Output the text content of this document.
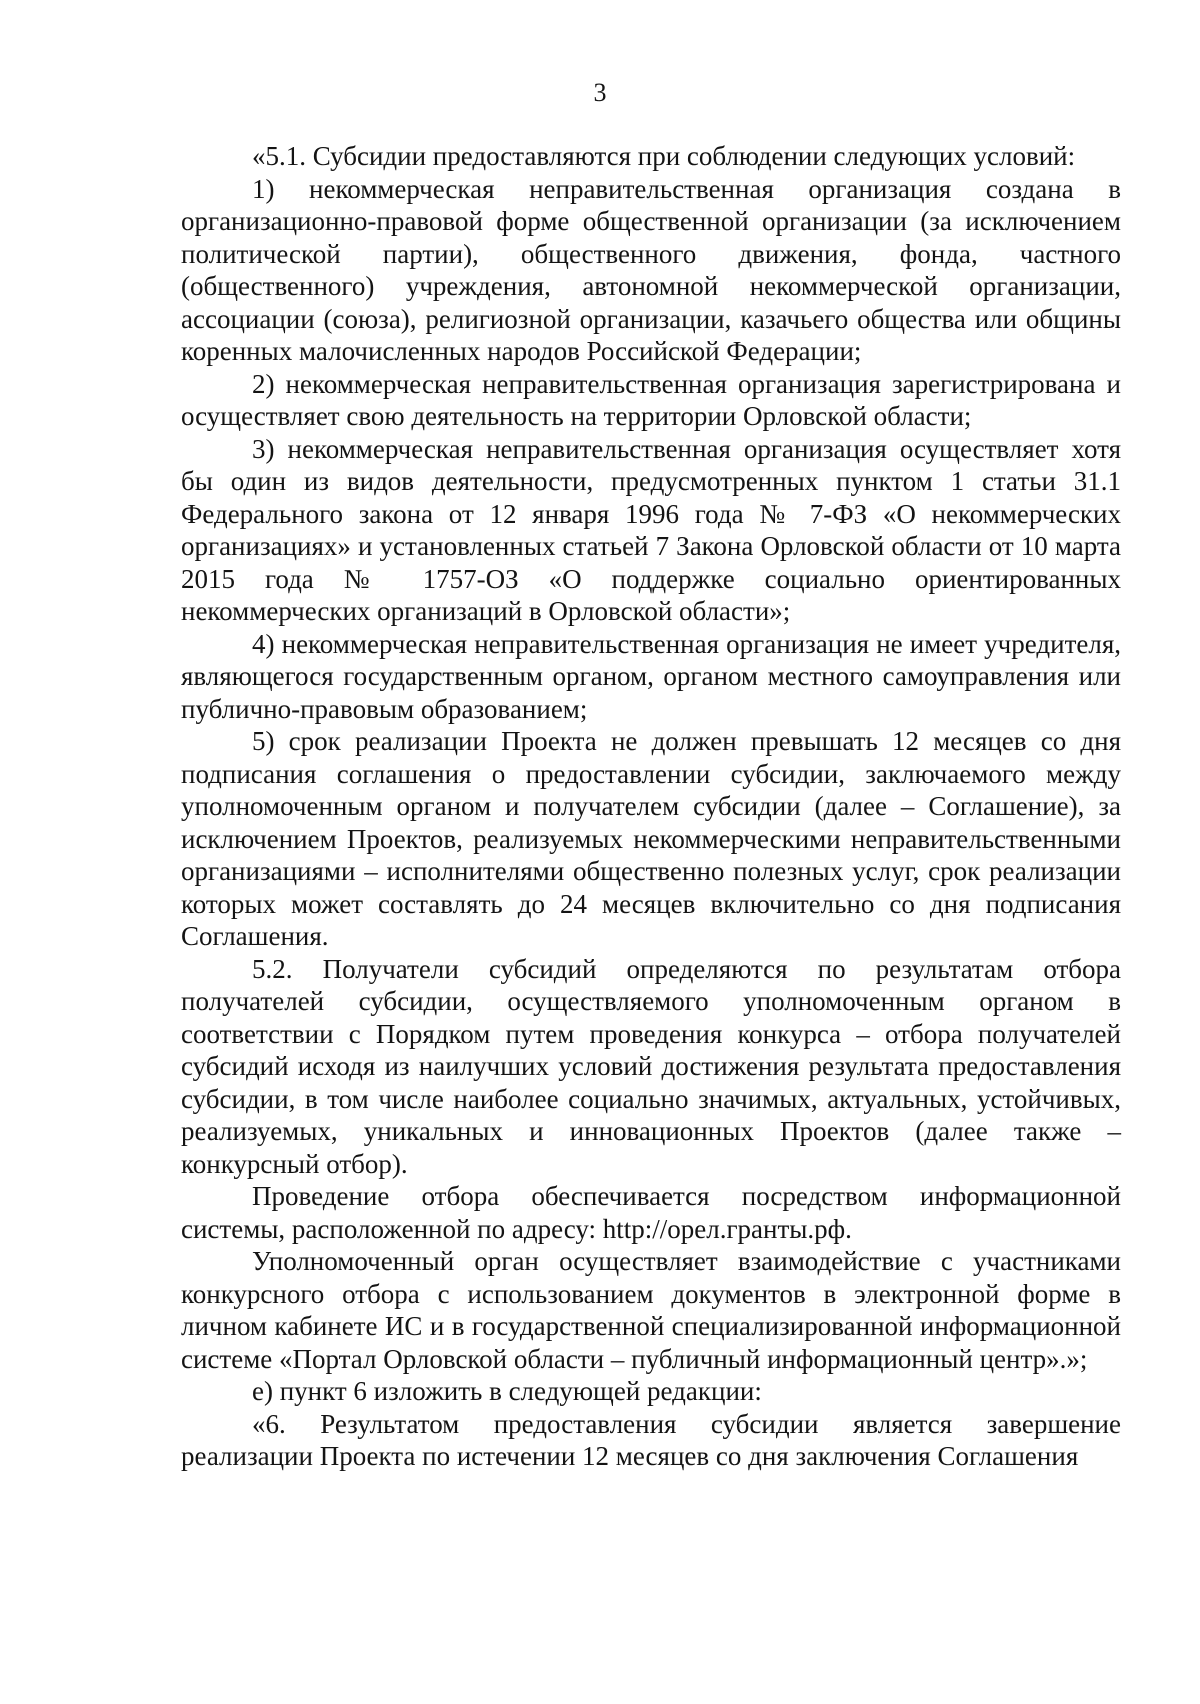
3

«5.1. Субсидии предоставляются при соблюдении следующих условий:

1) некоммерческая неправительственная организация создана в организационно-правовой форме общественной организации (за исключением политической партии), общественного движения, фонда, частного (общественного) учреждения, автономной некоммерческой организации, ассоциации (союза), религиозной организации, казачьего общества или общины коренных малочисленных народов Российской Федерации;

2) некоммерческая неправительственная организация зарегистрирована и осуществляет свою деятельность на территории Орловской области;

3) некоммерческая неправительственная организация осуществляет хотя бы один из видов деятельности, предусмотренных пунктом 1 статьи 31.1 Федерального закона от 12 января 1996 года № 7-ФЗ «О некоммерческих организациях» и установленных статьей 7 Закона Орловской области от 10 марта 2015 года № 1757-ОЗ «О поддержке социально ориентированных некоммерческих организаций в Орловской области»;

4) некоммерческая неправительственная организация не имеет учредителя, являющегося государственным органом, органом местного самоуправления или публично-правовым образованием;

5) срок реализации Проекта не должен превышать 12 месяцев со дня подписания соглашения о предоставлении субсидии, заключаемого между уполномоченным органом и получателем субсидии (далее – Соглашение), за исключением Проектов, реализуемых некоммерческими неправительственными организациями – исполнителями общественно полезных услуг, срок реализации которых может составлять до 24 месяцев включительно со дня подписания Соглашения.

5.2. Получатели субсидий определяются по результатам отбора получателей субсидии, осуществляемого уполномоченным органом в соответствии с Порядком путем проведения конкурса – отбора получателей субсидий исходя из наилучших условий достижения результата предоставления субсидии, в том числе наиболее социально значимых, актуальных, устойчивых, реализуемых, уникальных и инновационных Проектов (далее также – конкурсный отбор).

Проведение отбора обеспечивается посредством информационной системы, расположенной по адресу: http://орел.гранты.рф.

Уполномоченный орган осуществляет взаимодействие с участниками конкурсного отбора с использованием документов в электронной форме в личном кабинете ИС и в государственной специализированной информационной системе «Портал Орловской области – публичный информационный центр».»;

е) пункт 6 изложить в следующей редакции:

«6. Результатом предоставления субсидии является завершение реализации Проекта по истечении 12 месяцев со дня заключения Соглашения
